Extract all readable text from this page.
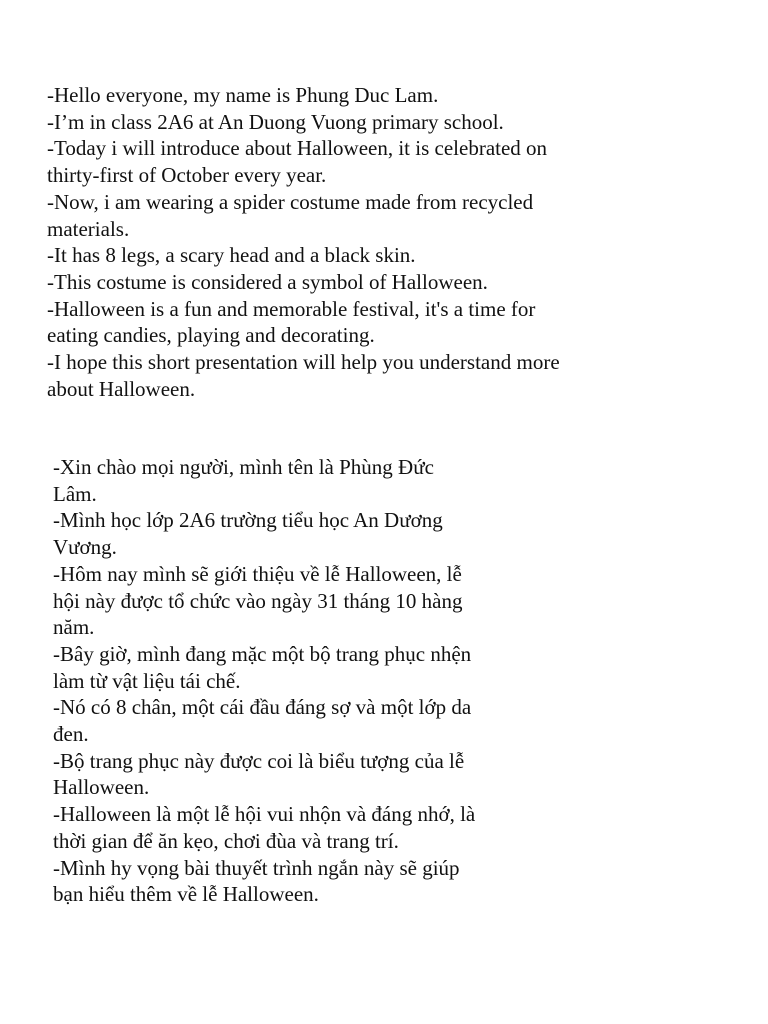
-Hello everyone, my name is Phung Duc Lam.
-I’m in class 2A6 at An Duong Vuong primary school.
-Today i will introduce about Halloween, it is celebrated on
thirty-first of October every year.
-Now, i am wearing a spider costume made from recycled
materials.
-It has 8 legs, a scary head and a black skin.
-This costume is considered a symbol of Halloween.
-Halloween is a fun and memorable festival, it's a time for
eating candies, playing and decorating.
-I hope this short presentation will help you understand more
about Halloween.
-Xin chào mọi người, mình tên là Phùng Đức
Lâm.
-Mình học lớp 2A6 trường tiểu học An Dương
Vương.
-Hôm nay mình sẽ giới thiệu về lễ Halloween, lễ
hội này được tổ chức vào ngày 31 tháng 10 hàng
năm.
-Bây giờ, mình đang mặc một bộ trang phục nhện
làm từ vật liệu tái chế.
-Nó có 8 chân, một cái đầu đáng sợ và một lớp da
đen.
-Bộ trang phục này được coi là biểu tượng của lễ
Halloween.
-Halloween là một lễ hội vui nhộn và đáng nhớ, là
thời gian để ăn kẹo, chơi đùa và trang trí.
-Mình hy vọng bài thuyết trình ngắn này sẽ giúp
bạn hiểu thêm về lễ Halloween.
